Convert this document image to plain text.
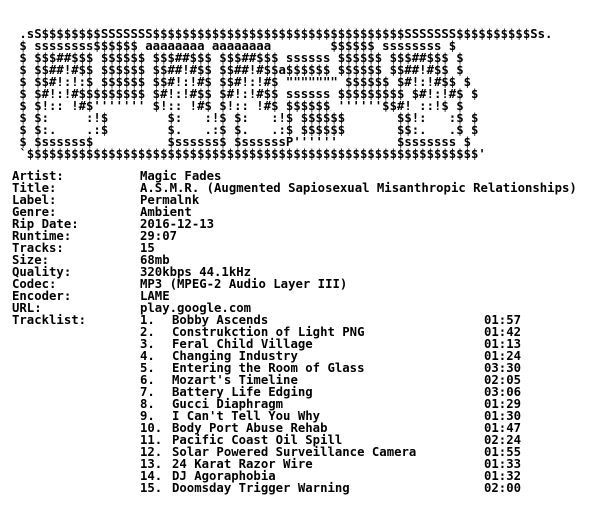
.sS$$$$$$$$SSSSSSS$$$$$$$$$$$$$$$$$$$$$$$$$$$$$$$$$$SSSSSSS$$$$$$$$$$Ss.
$ ssssssss$$$$$$ aaaaaaaa aaaaaaaa        $$$$$$ ssssssss $
$ $$$##$$$ $$$$$$ $$$##$$$ $$$##$$$ ssssss $$$$$$ $$$##$$$ $
$ $$##!#$$ $$$$$$ $$##!#$$ $$##!#$$a$$$$$$ $$$$$$ $$##!#$$ $
$ $$#!:!:$ $$$$$$ $$#!:!#$ $$#!:!#$ """"""" $$$$$$ $#!:!#$$ $
$ $#!:!#$$$$$$$$$ $#!:!#$$ $#!:!#$$ ssssss $$$$$$$$$ $#!:!#$ $
$ $!:: !#$''''''' $!:: !#$ $!:: !#$ $$$$$$ ''''''$$#! ::!$ $
$ $:     :!$        $:   :!$ $:   :!$ $$$$$$       $$!:   :$ $
$ $:.    .:$        $.   .:$ $.   .:$ $$$$$$       $$:.   .$ $
$ $ssssss$          $ssssss$ $ssssssP''''''        $sssssss $
`$$$$$$$$$$$$$$$$$$$$$$$$$$$$$$$$$$$$$$$$$$$$$$$$$$$$$$$$$$$$$'
Artist:	Magic Fades
Title:	A.S.M.R. (Augmented Sapiosexual Misanthropic Relationships)
Label:	Permalnk
Genre:	Ambient
Rip Date:	2016-12-13
Runtime:	29:07
Tracks:	15
Size:	68mb
Quality:	320kbps 44.1kHz
Codec:	MP3 (MPEG-2 Audio Layer III)
Encoder:	LAME
URL:	play.google.com
Tracklist:	1.	Bobby Ascends	01:57
2.	Construkction of Light PNG	01:42
3.	Feral Child Village	01:13
4.	Changing Industry	01:24
5.	Entering the Room of Glass	03:30
6.	Mozart's Timeline	02:05
7.	Battery Life Edging	03:06
8.	Gucci Diaphragm	01:29
9.	I Can't Tell You Why	01:30
10. Body Port Abuse Rehab	01:47
11. Pacific Coast Oil Spill	02:24
12. Solar Powered Surveillance Camera	01:55
13. 24 Karat Razor Wire	01:33
14. DJ Agoraphobia	01:32
15. Doomsday Trigger Warning	02:00
